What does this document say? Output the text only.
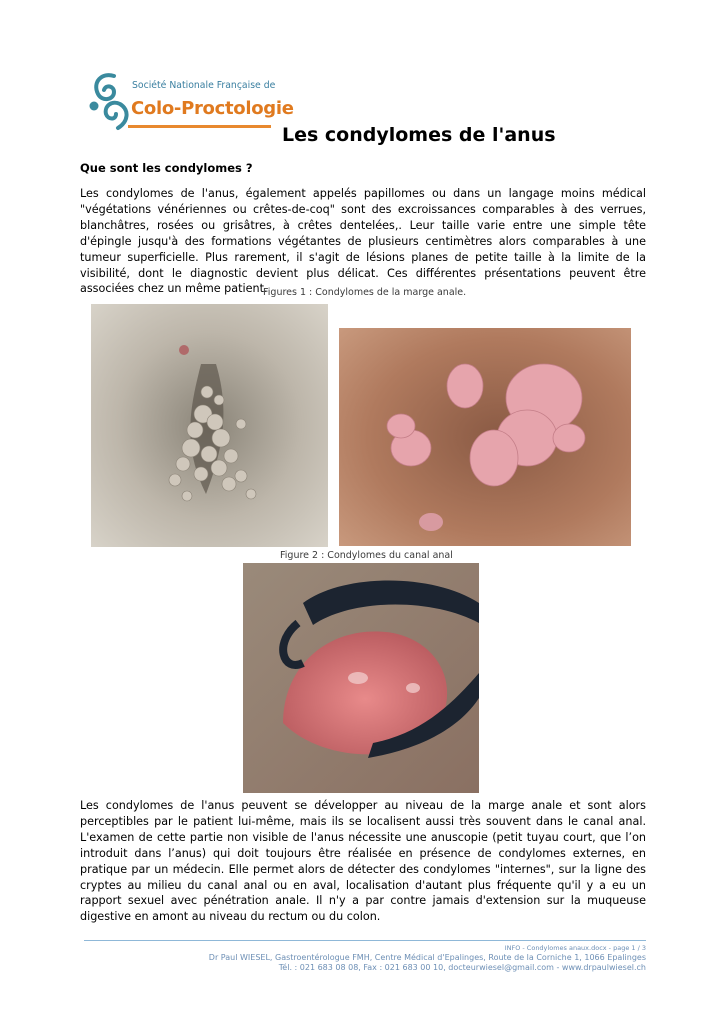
Société Nationale Française de
Colo-Proctologie
Les condylomes de l'anus
Que sont les condylomes ?

Les condylomes de l'anus, également appelés papillomes ou dans un langage moins médical "végétations vénériennes ou crêtes-de-coq" sont des excroissances comparables à des verrues, blanchâtres, rosées ou grisâtres, à crêtes dentelées,. Leur taille varie entre une simple tête d'épingle jusqu'à des formations végétantes de plusieurs centimètres alors comparables à une tumeur superficielle. Plus rarement, il s'agit de lésions planes de petite taille à la limite de la visibilité, dont le diagnostic devient plus délicat. Ces différentes présentations peuvent être associées chez un même patient.

Figures 1 : Condylomes de la marge anale.
Figure 2 : Condylomes du canal anal

Les condylomes de l'anus peuvent se développer au niveau de la marge anale et sont alors perceptibles par le patient lui-même, mais ils se localisent aussi très souvent dans le canal anal. L'examen de cette partie non visible de l'anus nécessite une anuscopie (petit tuyau court, que l’on introduit dans l’anus) qui doit toujours être réalisée en présence de condylomes externes, en pratique par un médecin. Elle permet alors de détecter des condylomes "internes", sur la ligne des cryptes au milieu du canal anal ou en aval, localisation d'autant plus fréquente qu'il y a eu un rapport sexuel avec pénétration anale. Il n'y a par contre jamais d'extension sur la muqueuse digestive en amont au niveau du rectum ou du colon.

INFO - Condylomes anaux.docx - page 1 / 3
Dr Paul WIESEL, Gastroentérologue FMH, Centre Médical d'Epalinges, Route de la Corniche 1, 1066 Epalinges
Tél. : 021 683 08 08, Fax : 021 683 00 10, docteurwiesel@gmail.com - www.drpaulwiesel.ch
